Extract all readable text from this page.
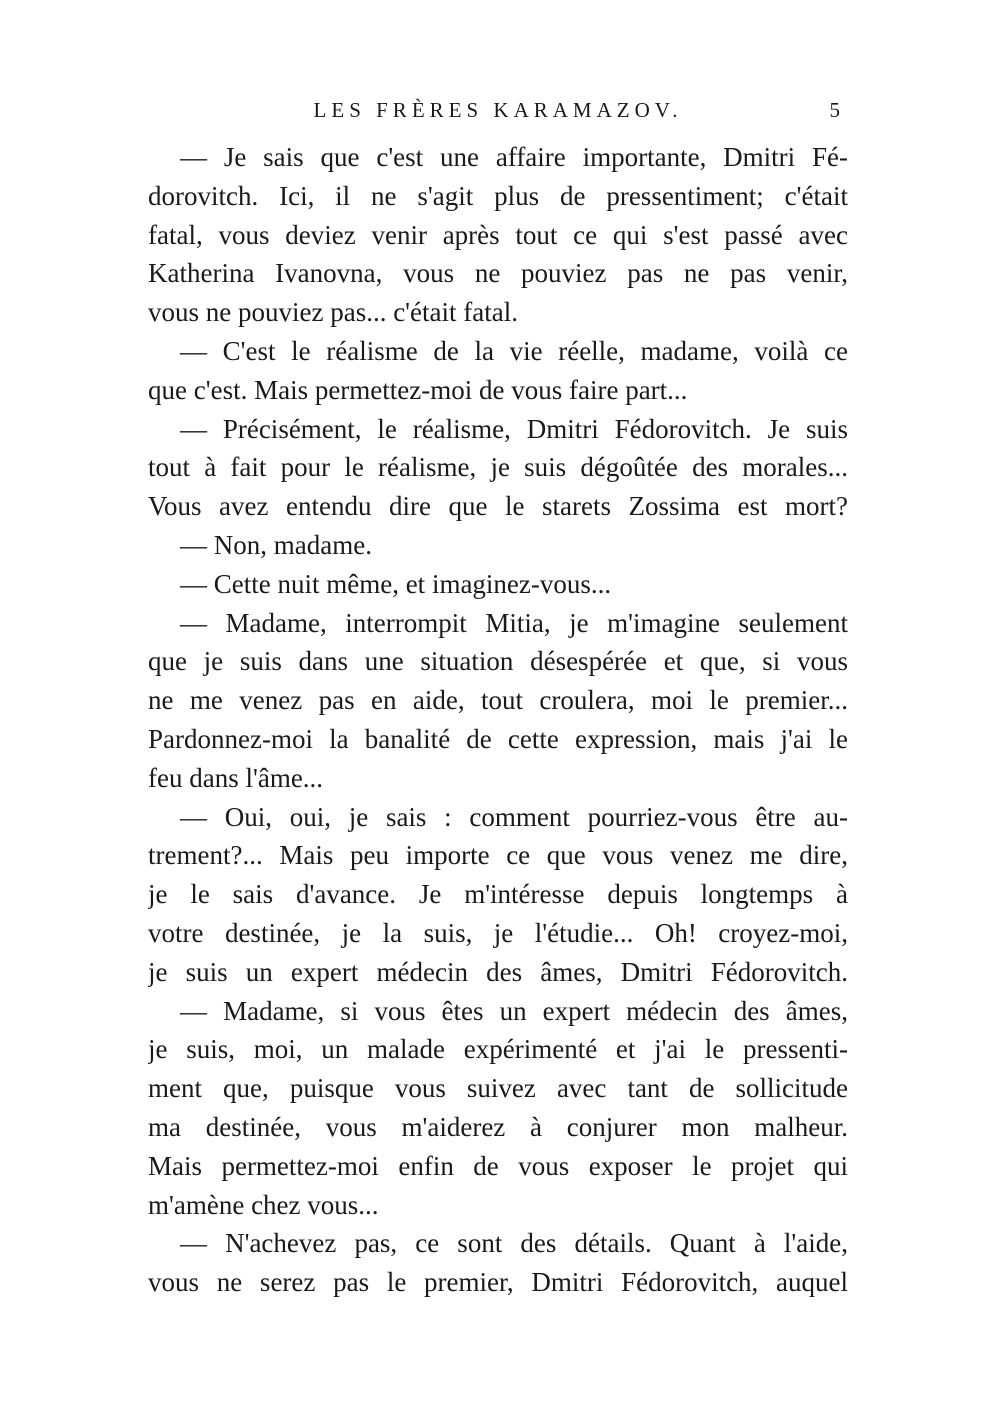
LES FRÈRES KARAMAZOV.	5
— Je sais que c'est une affaire importante, Dmitri Fé-
dorovitch. Ici, il ne s'agit plus de pressentiment; c'était
fatal, vous deviez venir après tout ce qui s'est passé avec
Katherina Ivanovna, vous ne pouviez pas ne pas venir,
vous ne pouviez pas... c'était fatal.
— C'est le réalisme de la vie réelle, madame, voilà ce
que c'est. Mais permettez-moi de vous faire part...
— Précisément, le réalisme, Dmitri Fédorovitch. Je suis
tout à fait pour le réalisme, je suis dégoûtée des morales...
Vous avez entendu dire que le starets Zossima est mort?
— Non, madame.
— Cette nuit même, et imaginez-vous...
— Madame, interrompit Mitia, je m'imagine seulement
que je suis dans une situation désespérée et que, si vous
ne me venez pas en aide, tout croulera, moi le premier...
Pardonnez-moi la banalité de cette expression, mais j'ai le
feu dans l'âme...
— Oui, oui, je sais : comment pourriez-vous être au-
trement?... Mais peu importe ce que vous venez me dire,
je le sais d'avance. Je m'intéresse depuis longtemps à
votre destinée, je la suis, je l'étudie... Oh! croyez-moi,
je suis un expert médecin des âmes, Dmitri Fédorovitch.
— Madame, si vous êtes un expert médecin des âmes,
je suis, moi, un malade expérimenté et j'ai le pressenti-
ment que, puisque vous suivez avec tant de sollicitude
ma destinée, vous m'aiderez à conjurer mon malheur.
Mais permettez-moi enfin de vous exposer le projet qui
m'amène chez vous...
— N'achevez pas, ce sont des détails. Quant à l'aide,
vous ne serez pas le premier, Dmitri Fédorovitch, auquel
